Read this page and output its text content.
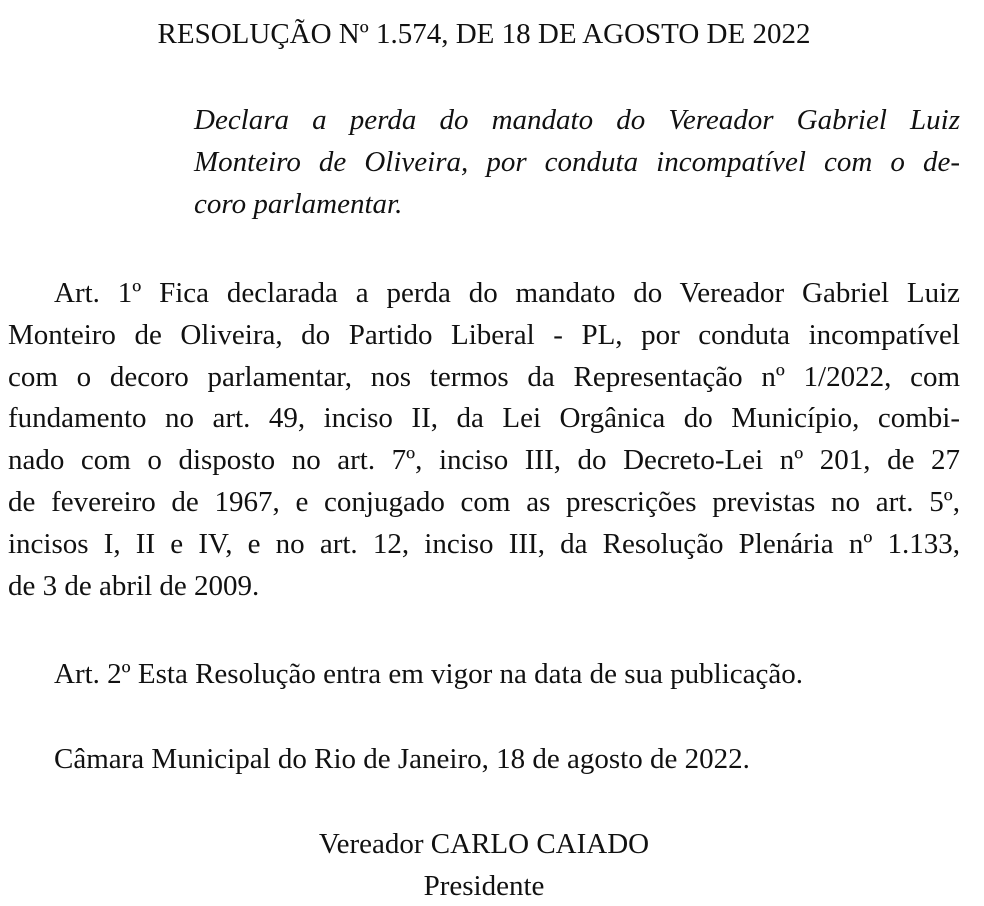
RESOLUÇÃO Nº 1.574, DE 18 DE AGOSTO DE 2022
Declara a perda do mandato do Vereador Gabriel Luiz
Monteiro de Oliveira, por conduta incompatível com o de-
coro parlamentar.
Art. 1º Fica declarada a perda do mandato do Vereador Gabriel Luiz
Monteiro de Oliveira, do Partido Liberal - PL, por conduta incompatível
com o decoro parlamentar, nos termos da Representação nº 1/2022, com
fundamento no art. 49, inciso II, da Lei Orgânica do Município, combi-
nado com o disposto no art. 7º, inciso III, do Decreto-Lei nº 201, de 27
de fevereiro de 1967, e conjugado com as prescrições previstas no art. 5º,
incisos I, II e IV, e no art. 12, inciso III, da Resolução Plenária nº 1.133,
de 3 de abril de 2009.
Art. 2º Esta Resolução entra em vigor na data de sua publicação.
Câmara Municipal do Rio de Janeiro, 18 de agosto de 2022.
Vereador CARLO CAIADO
Presidente
